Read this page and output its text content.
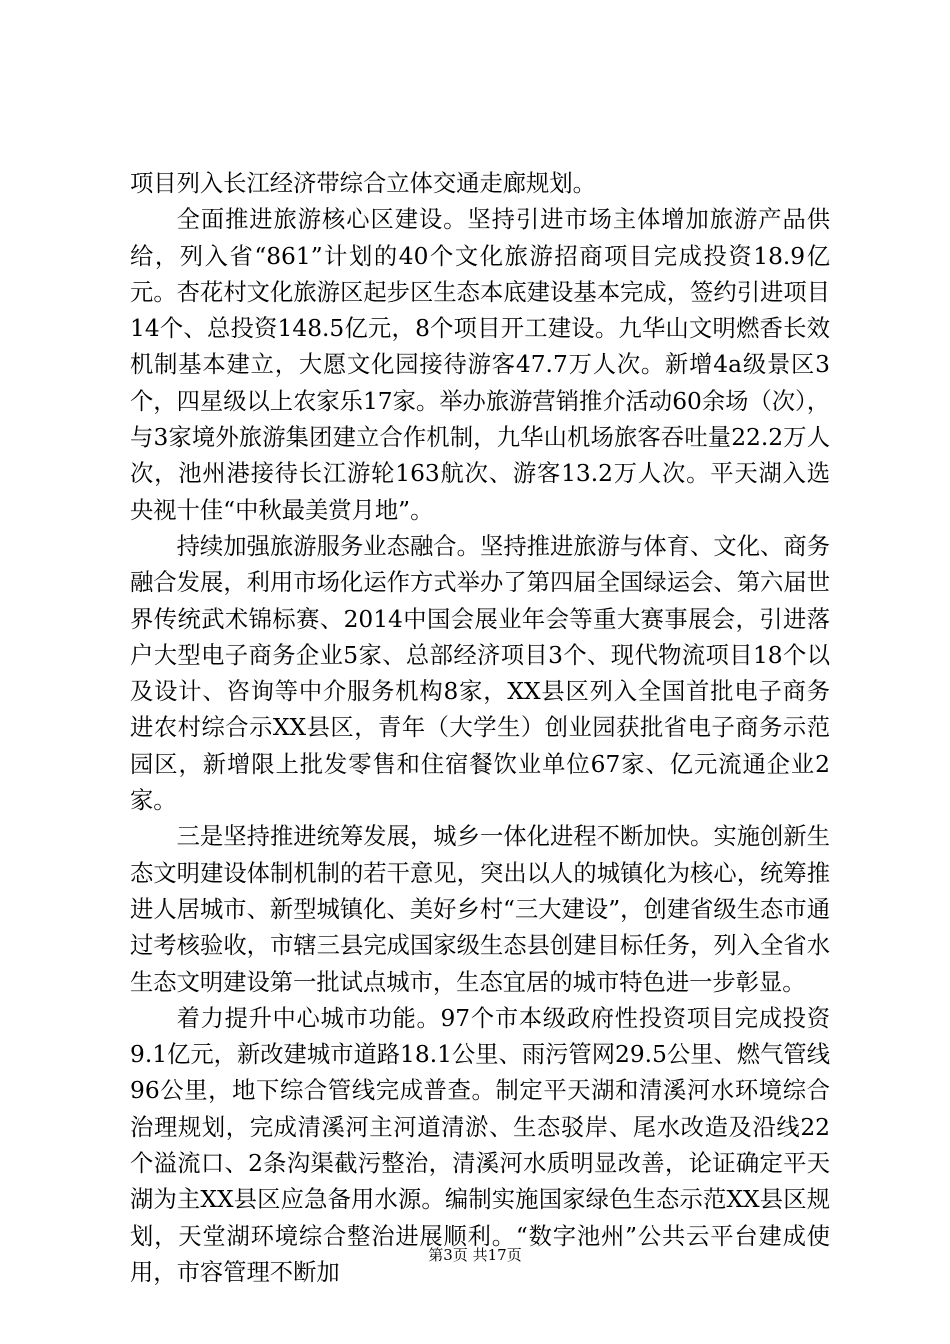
项目列入长江经济带综合立体交通走廊规划。

全面推进旅游核心区建设。坚持引进市场主体增加旅游产品供给，列入省“861”计划的40个文化旅游招商项目完成投资18.9亿元。杏花村文化旅游区起步区生态本底建设基本完成，签约引进项目14个、总投资148.5亿元，8个项目开工建设。九华山文明燃香长效机制基本建立，大愿文化园接待游客47.7万人次。新增4a级景区3个，四星级以上农家乐17家。举办旅游营销推介活动60余场（次），与3家境外旅游集团建立合作机制，九华山机场旅客吞吐量22.2万人次，池州港接待长江游轮163航次、游客13.2万人次。平天湖入选央视十佳“中秋最美赏月地”。

持续加强旅游服务业态融合。坚持推进旅游与体育、文化、商务融合发展，利用市场化运作方式举办了第四届全国绿运会、第六届世界传统武术锦标赛、2014中国会展业年会等重大赛事展会，引进落户大型电子商务企业5家、总部经济项目3个、现代物流项目18个以及设计、咨询等中介服务机构8家，XX县区列入全国首批电子商务进农村综合示XX县区，青年（大学生）创业园获批省电子商务示范园区，新增限上批发零售和住宿餐饮业单位67家、亿元流通企业2家。

三是坚持推进统筹发展，城乡一体化进程不断加快。实施创新生态文明建设体制机制的若干意见，突出以人的城镇化为核心，统筹推进人居城市、新型城镇化、美好乡村“三大建设”，创建省级生态市通过考核验收，市辖三县完成国家级生态县创建目标任务，列入全省水生态文明建设第一批试点城市，生态宜居的城市特色进一步彰显。

着力提升中心城市功能。97个市本级政府性投资项目完成投资9.1亿元，新改建城市道路18.1公里、雨污管网29.5公里、燃气管线96公里，地下综合管线完成普查。制定平天湖和清溪河水环境综合治理规划，完成清溪河主河道清淤、生态驳岸、尾水改造及沿线22个溢流口、2条沟渠截污整治，清溪河水质明显改善，论证确定平天湖为主XX县区应急备用水源。编制实施国家绿色生态示范XX县区规划，天堂湖环境综合整治进展顺利。“数字池州”公共云平台建成使用，市容管理不断加

第3页 共17页
